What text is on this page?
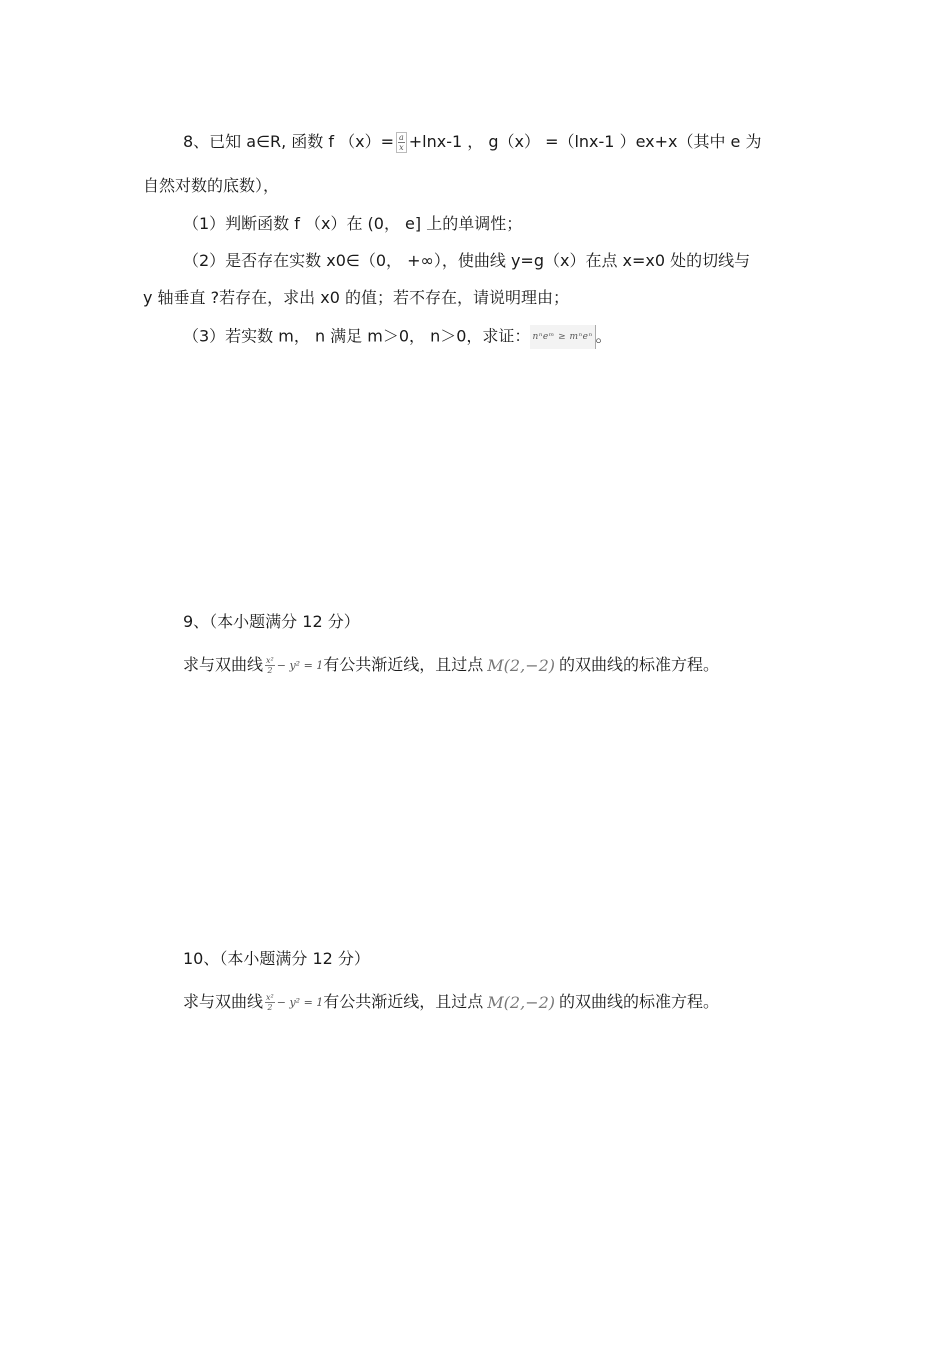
8、已知 a∈R, 函数 f $(x)= \frac{a}{x} +\ln x-1$ ， g（x） =（lnx-1 ）ex+x（其中 e 为
自然对数的底数），
（1）判断函数 f （x）在 (0， e] 上的单调性；
（2）是否存在实数 x0∈（0， +∞），使曲线 y=g（x）在点 x=x0 处的切线与
y 轴垂直 ?若存在，求出 x0 的值；若不存在，请说明理由；
（3）若实数 m， n 满足 m＞0， n＞0，求证： nⁿeᵐ ≥ mⁿeⁿ 。
9、（本小题满分 12 分）
求与双曲线 $\frac{\text{x²}}{2} - y^2 = 1$有公共渐近线，且过点 M(2,−2) 的双曲线的标准方程。
10、（本小题满分 12 分）
求与双曲线 $\frac{\text{x²}}{2} - y^2 = 1$有公共渐近线，且过点 M(2,−2) 的双曲线的标准方程。
